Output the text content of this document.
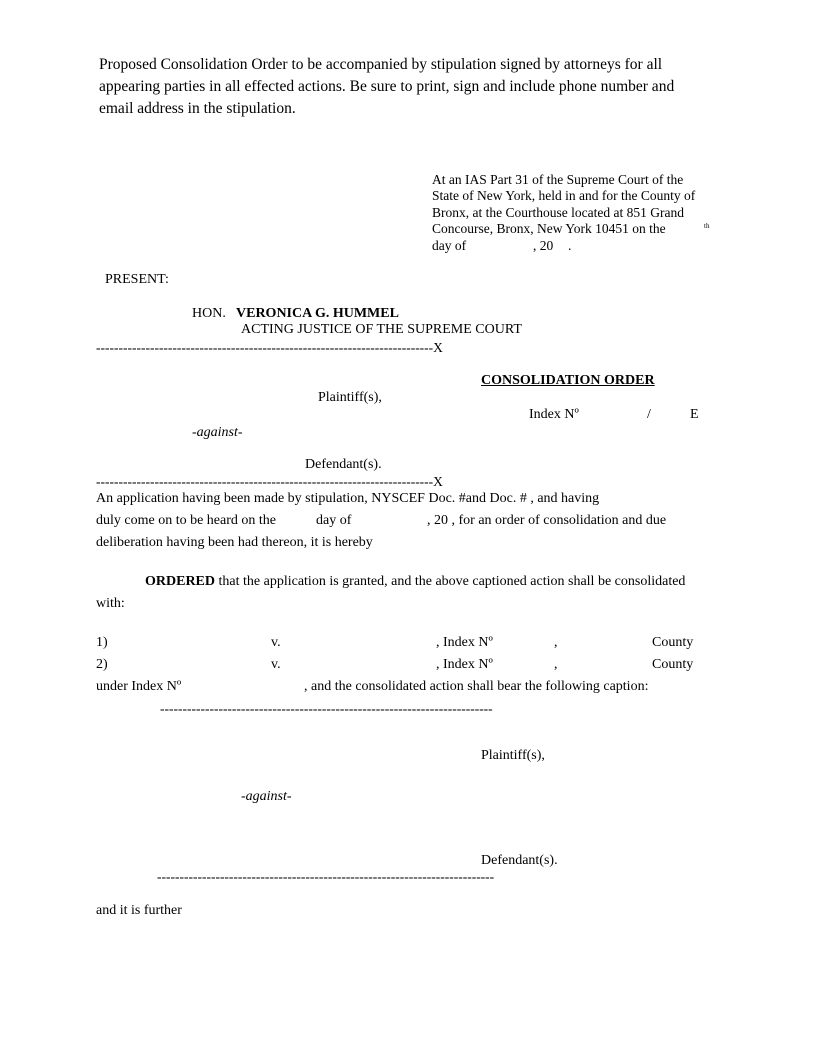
Proposed Consolidation Order to be accompanied by stipulation signed by attorneys for all
appearing parties in all effected actions. Be sure to print, sign and include phone number and
email address in the stipulation.
At an IAS Part 31 of the Supreme Court of the
State of New York, held in and for the County of
Bronx, at the Courthouse located at 851 Grand
Concourse, Bronx, New York 10451 on the	th
day of	, 20 .
PRESENT:
HON. VERONICA G. HUMMEL
ACTING JUSTICE OF THE SUPREME COURT
---------------------------------------------------------------------------X
CONSOLIDATION ORDER
Plaintiff(s),
Index Nº	/	E
-against-
Defendant(s).
---------------------------------------------------------------------------X
An application having been made by stipulation, NYSCEF Doc. #and Doc. # , and having
duly come on to be heard on the	day of	, 20 , for an order of consolidation and due
deliberation having been had thereon, it is hereby
ORDERED that the application is granted, and the above captioned action shall be consolidated
with:
1)	v.	, Index Nº	,	County
2)	v.	, Index Nº	,	County
under Index Nº	, and the consolidated action shall bear the following caption:
--------------------------------------------------------------------------
Plaintiff(s),
-against-
Defendant(s).
---------------------------------------------------------------------------
and it is further
